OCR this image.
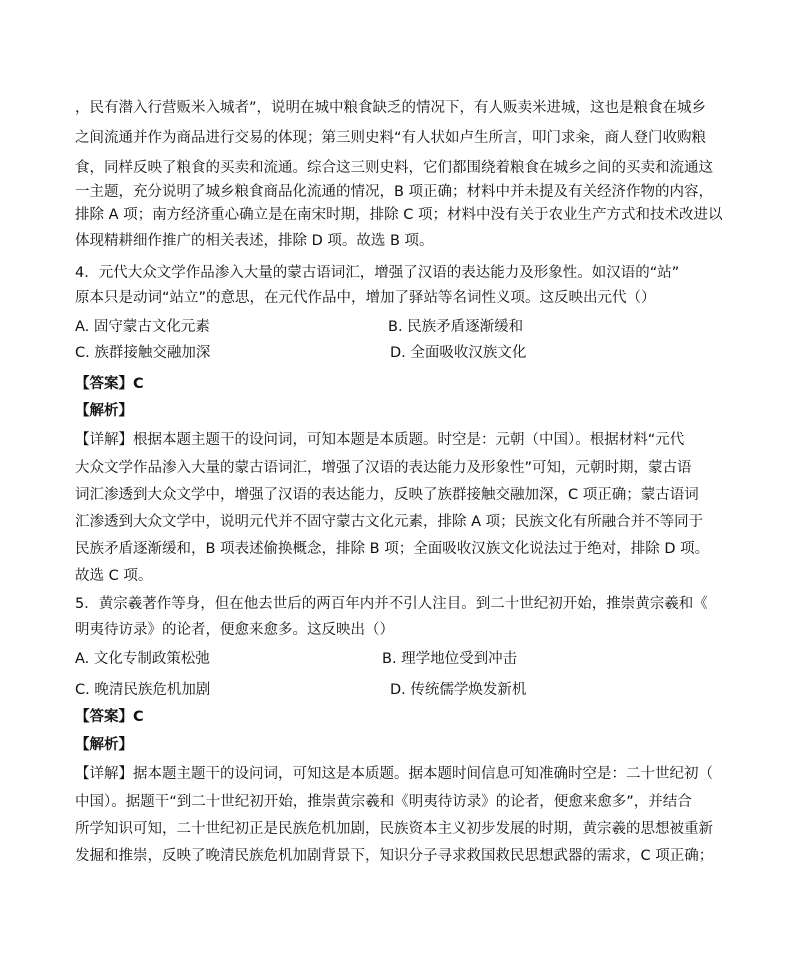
，民有潜入行营贩米入城者”，说明在城中粮食缺乏的情况下，有人贩卖米进城，这也是粮食在城乡
之间流通并作为商品进行交易的体现；第三则史料“有人状如卢生所言，叩门求籴，商人登门收购粮
食，同样反映了粮食的买卖和流通。综合这三则史料，它们都围绕着粮食在城乡之间的买卖和流通这
一主题，充分说明了城乡粮食商品化流通的情况，B 项正确；材料中并未提及有关经济作物的内容，
排除 A 项；南方经济重心确立是在南宋时期，排除 C 项；材料中没有关于农业生产方式和技术改进以
体现精耕细作推广的相关表述，排除 D 项。故选 B 项。
4．元代大众文学作品渗入大量的蒙古语词汇，增强了汉语的表达能力及形象性。如汉语的“站”
原本只是动词“站立”的意思，在元代作品中，增加了驿站等名词性义项。这反映出元代（）
A. 固守蒙古文化元素	B. 民族矛盾逐渐缓和
C. 族群接触交融加深	D. 全面吸收汉族文化
【答案】C
【解析】
【详解】根据本题主题干的设问词，可知本题是本质题。时空是：元朝（中国）。根据材料“元代
大众文学作品渗入大量的蒙古语词汇，增强了汉语的表达能力及形象性”可知，元朝时期，蒙古语
词汇渗透到大众文学中，增强了汉语的表达能力，反映了族群接触交融加深，C 项正确；蒙古语词
汇渗透到大众文学中，说明元代并不固守蒙古文化元素，排除 A 项；民族文化有所融合并不等同于
民族矛盾逐渐缓和，B 项表述偷换概念，排除 B 项；全面吸收汉族文化说法过于绝对，排除 D 项。
故选 C 项。
5．黄宗羲著作等身，但在他去世后的两百年内并不引人注目。到二十世纪初开始，推崇黄宗羲和《
明夷待访录》的论者，便愈来愈多。这反映出（）
A. 文化专制政策松弛	B. 理学地位受到冲击
C. 晚清民族危机加剧	D. 传统儒学焕发新机
【答案】C
【解析】
【详解】据本题主题干的设问词，可知这是本质题。据本题时间信息可知准确时空是：二十世纪初（
中国）。据题干“到二十世纪初开始，推崇黄宗羲和《明夷待访录》的论者，便愈来愈多”，并结合
所学知识可知，二十世纪初正是民族危机加剧，民族资本主义初步发展的时期，黄宗羲的思想被重新
发掘和推崇，反映了晚清民族危机加剧背景下，知识分子寻求救国救民思想武器的需求，C 项正确；
